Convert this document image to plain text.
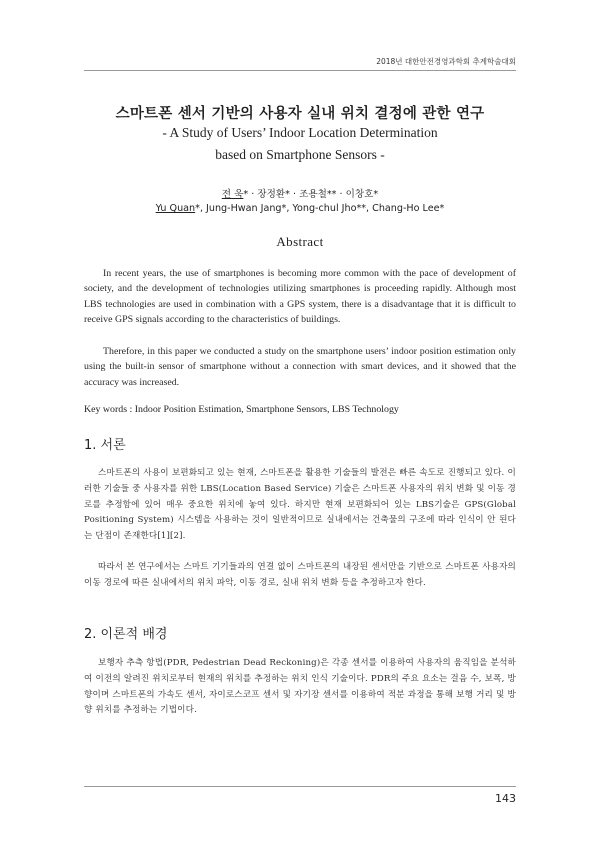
2018년 대한안전경영과학회 추계학술대회
스마트폰 센서 기반의 사용자 실내 위치 결정에 관한 연구
- A Study of Users’ Indoor Location Determination
based on Smartphone Sensors -
전 욱* · 장정환* · 조용철** · 이창호*
Yu Quan*, Jung-Hwan Jang*, Yong-chul Jho**, Chang-Ho Lee*
Abstract
In recent years, the use of smartphones is becoming more common with the pace of development of society, and the development of technologies utilizing smartphones is proceeding rapidly. Although most LBS technologies are used in combination with a GPS system, there is a disadvantage that it is difficult to receive GPS signals according to the characteristics of buildings.
Therefore, in this paper we conducted a study on the smartphone users’ indoor position estimation only using the built-in sensor of smartphone without a connection with smart devices, and it showed that the accuracy was increased.
Key words : Indoor Position Estimation, Smartphone Sensors, LBS Technology
1. 서론
스마트폰의 사용이 보편화되고 있는 현재, 스마트폰을 활용한 기술들의 발전은 빠른 속도로 진행되고 있다. 이러한 기술들 중 사용자를 위한 LBS(Location Based Service) 기술은 스마트폰 사용자의 위치 변화 및 이동 경로를 추정함에 있어 매우 중요한 위치에 놓여 있다. 하지만 현재 보편화되어 있는 LBS기술은 GPS(Global Positioning System) 시스템을 사용하는 것이 일반적이므로 실내에서는 건축물의 구조에 따라 인식이 안 된다는 단점이 존재한다[1][2].
따라서 본 연구에서는 스마트 기기들과의 연결 없이 스마트폰의 내장된 센서만을 기반으로 스마트폰 사용자의 이동 경로에 따른 실내에서의 위치 파악, 이동 경로, 실내 위치 변화 등을 추정하고자 한다.
2. 이론적 배경
보행자 추측 항법(PDR, Pedestrian Dead Reckoning)은 각종 센서를 이용하여 사용자의 움직임을 분석하여 이전의 알려진 위치로부터 현재의 위치를 추정하는 위치 인식 기술이다. PDR의 주요 요소는 걸음 수, 보폭, 방향이며 스마트폰의 가속도 센서, 자이로스코프 센서 및 자기장 센서를 이용하여 적분 과정을 통해 보행 거리 및 방향 위치를 추정하는 기법이다.
143
